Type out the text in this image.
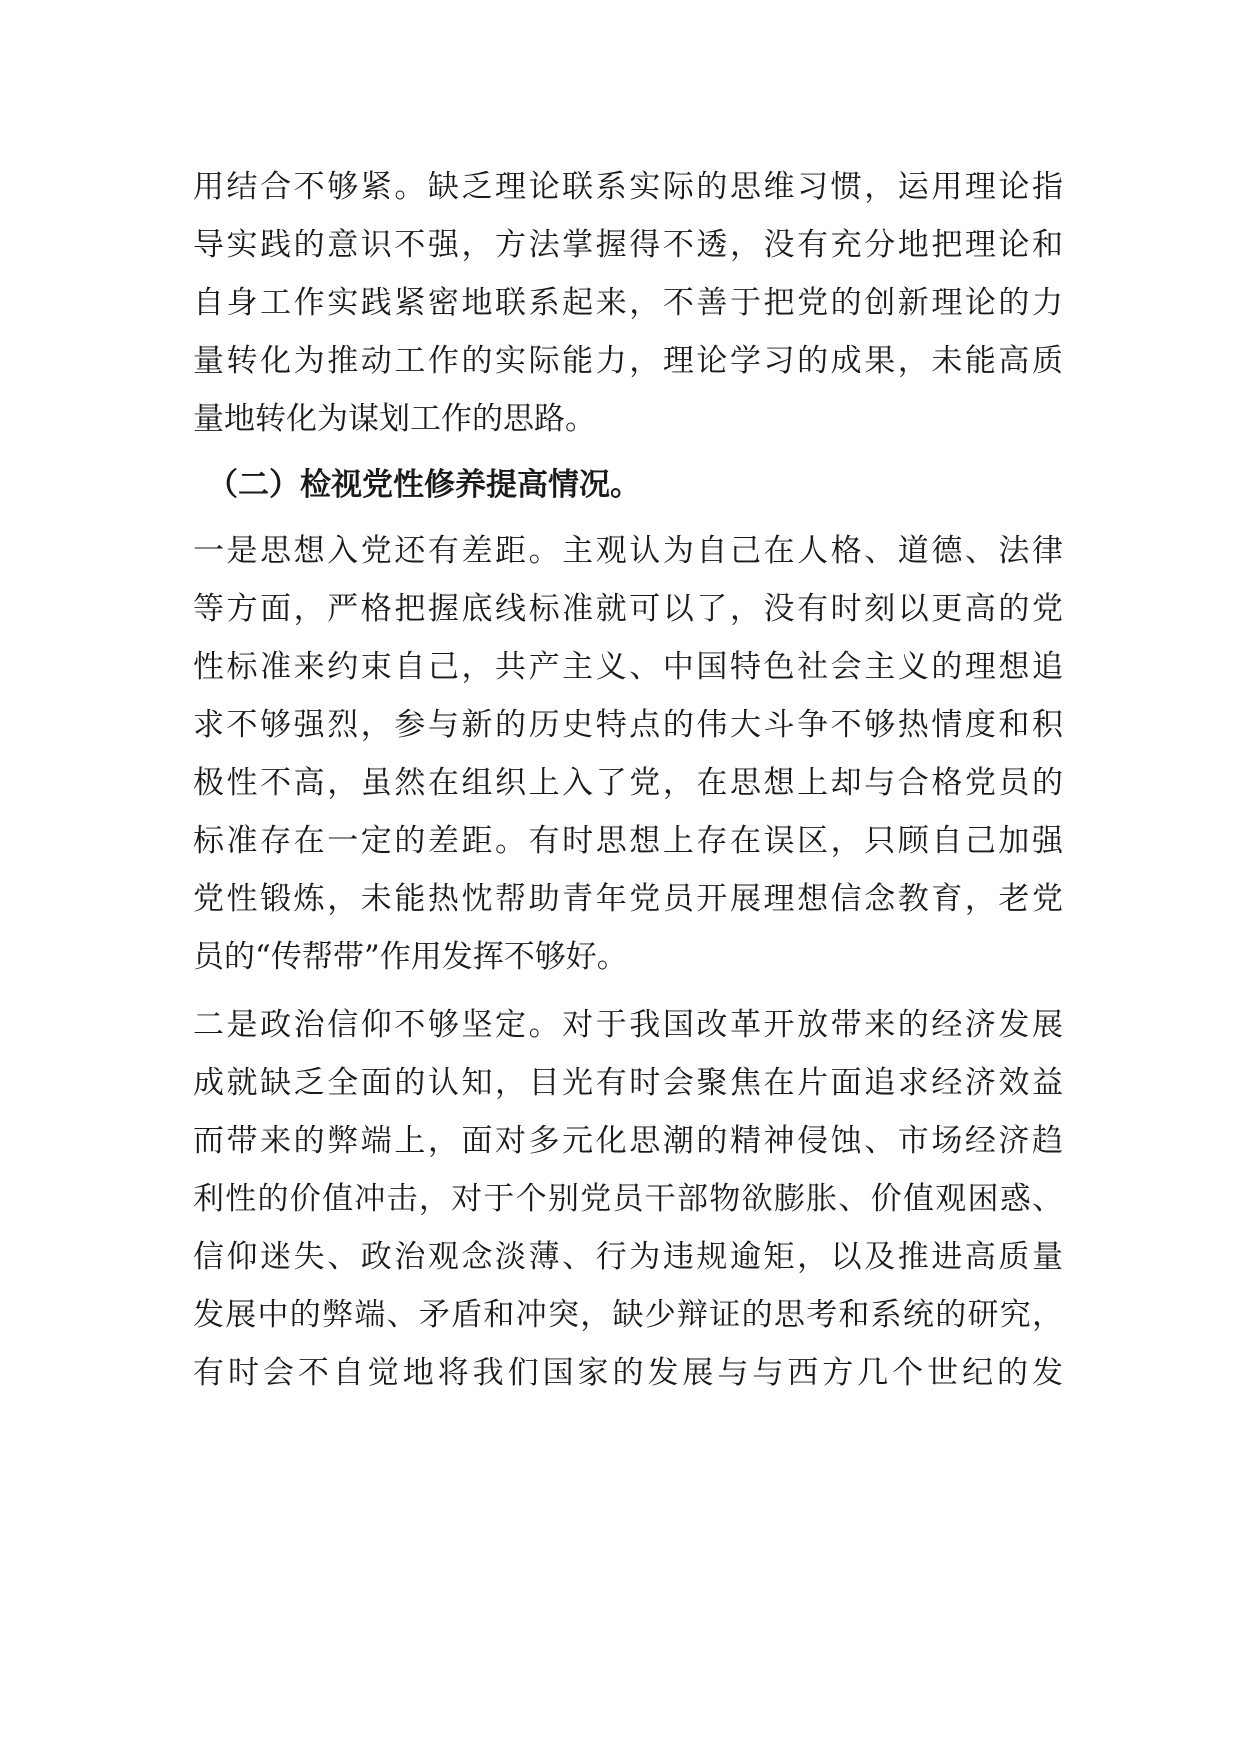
用结合不够紧。缺乏理论联系实际的思维习惯，运用理论指
导实践的意识不强，方法掌握得不透，没有充分地把理论和
自身工作实践紧密地联系起来，不善于把党的创新理论的力
量转化为推动工作的实际能力，理论学习的成果，未能高质
量地转化为谋划工作的思路。
（二）检视党性修养提高情况。
一是思想入党还有差距。主观认为自己在人格、道德、法律
等方面，严格把握底线标准就可以了，没有时刻以更高的党
性标准来约束自己，共产主义、中国特色社会主义的理想追
求不够强烈，参与新的历史特点的伟大斗争不够热情度和积
极性不高，虽然在组织上入了党，在思想上却与合格党员的
标准存在一定的差距。有时思想上存在误区，只顾自己加强
党性锻炼，未能热忱帮助青年党员开展理想信念教育，老党
员的“传帮带”作用发挥不够好。
二是政治信仰不够坚定。对于我国改革开放带来的经济发展
成就缺乏全面的认知，目光有时会聚焦在片面追求经济效益
而带来的弊端上，面对多元化思潮的精神侵蚀、市场经济趋
利性的价值冲击，对于个别党员干部物欲膨胀、价值观困惑、
信仰迷失、政治观念淡薄、行为违规逾矩，以及推进高质量
发展中的弊端、矛盾和冲突，缺少辩证的思考和系统的研究，
有时会不自觉地将我们国家的发展与与西方几个世纪的发
